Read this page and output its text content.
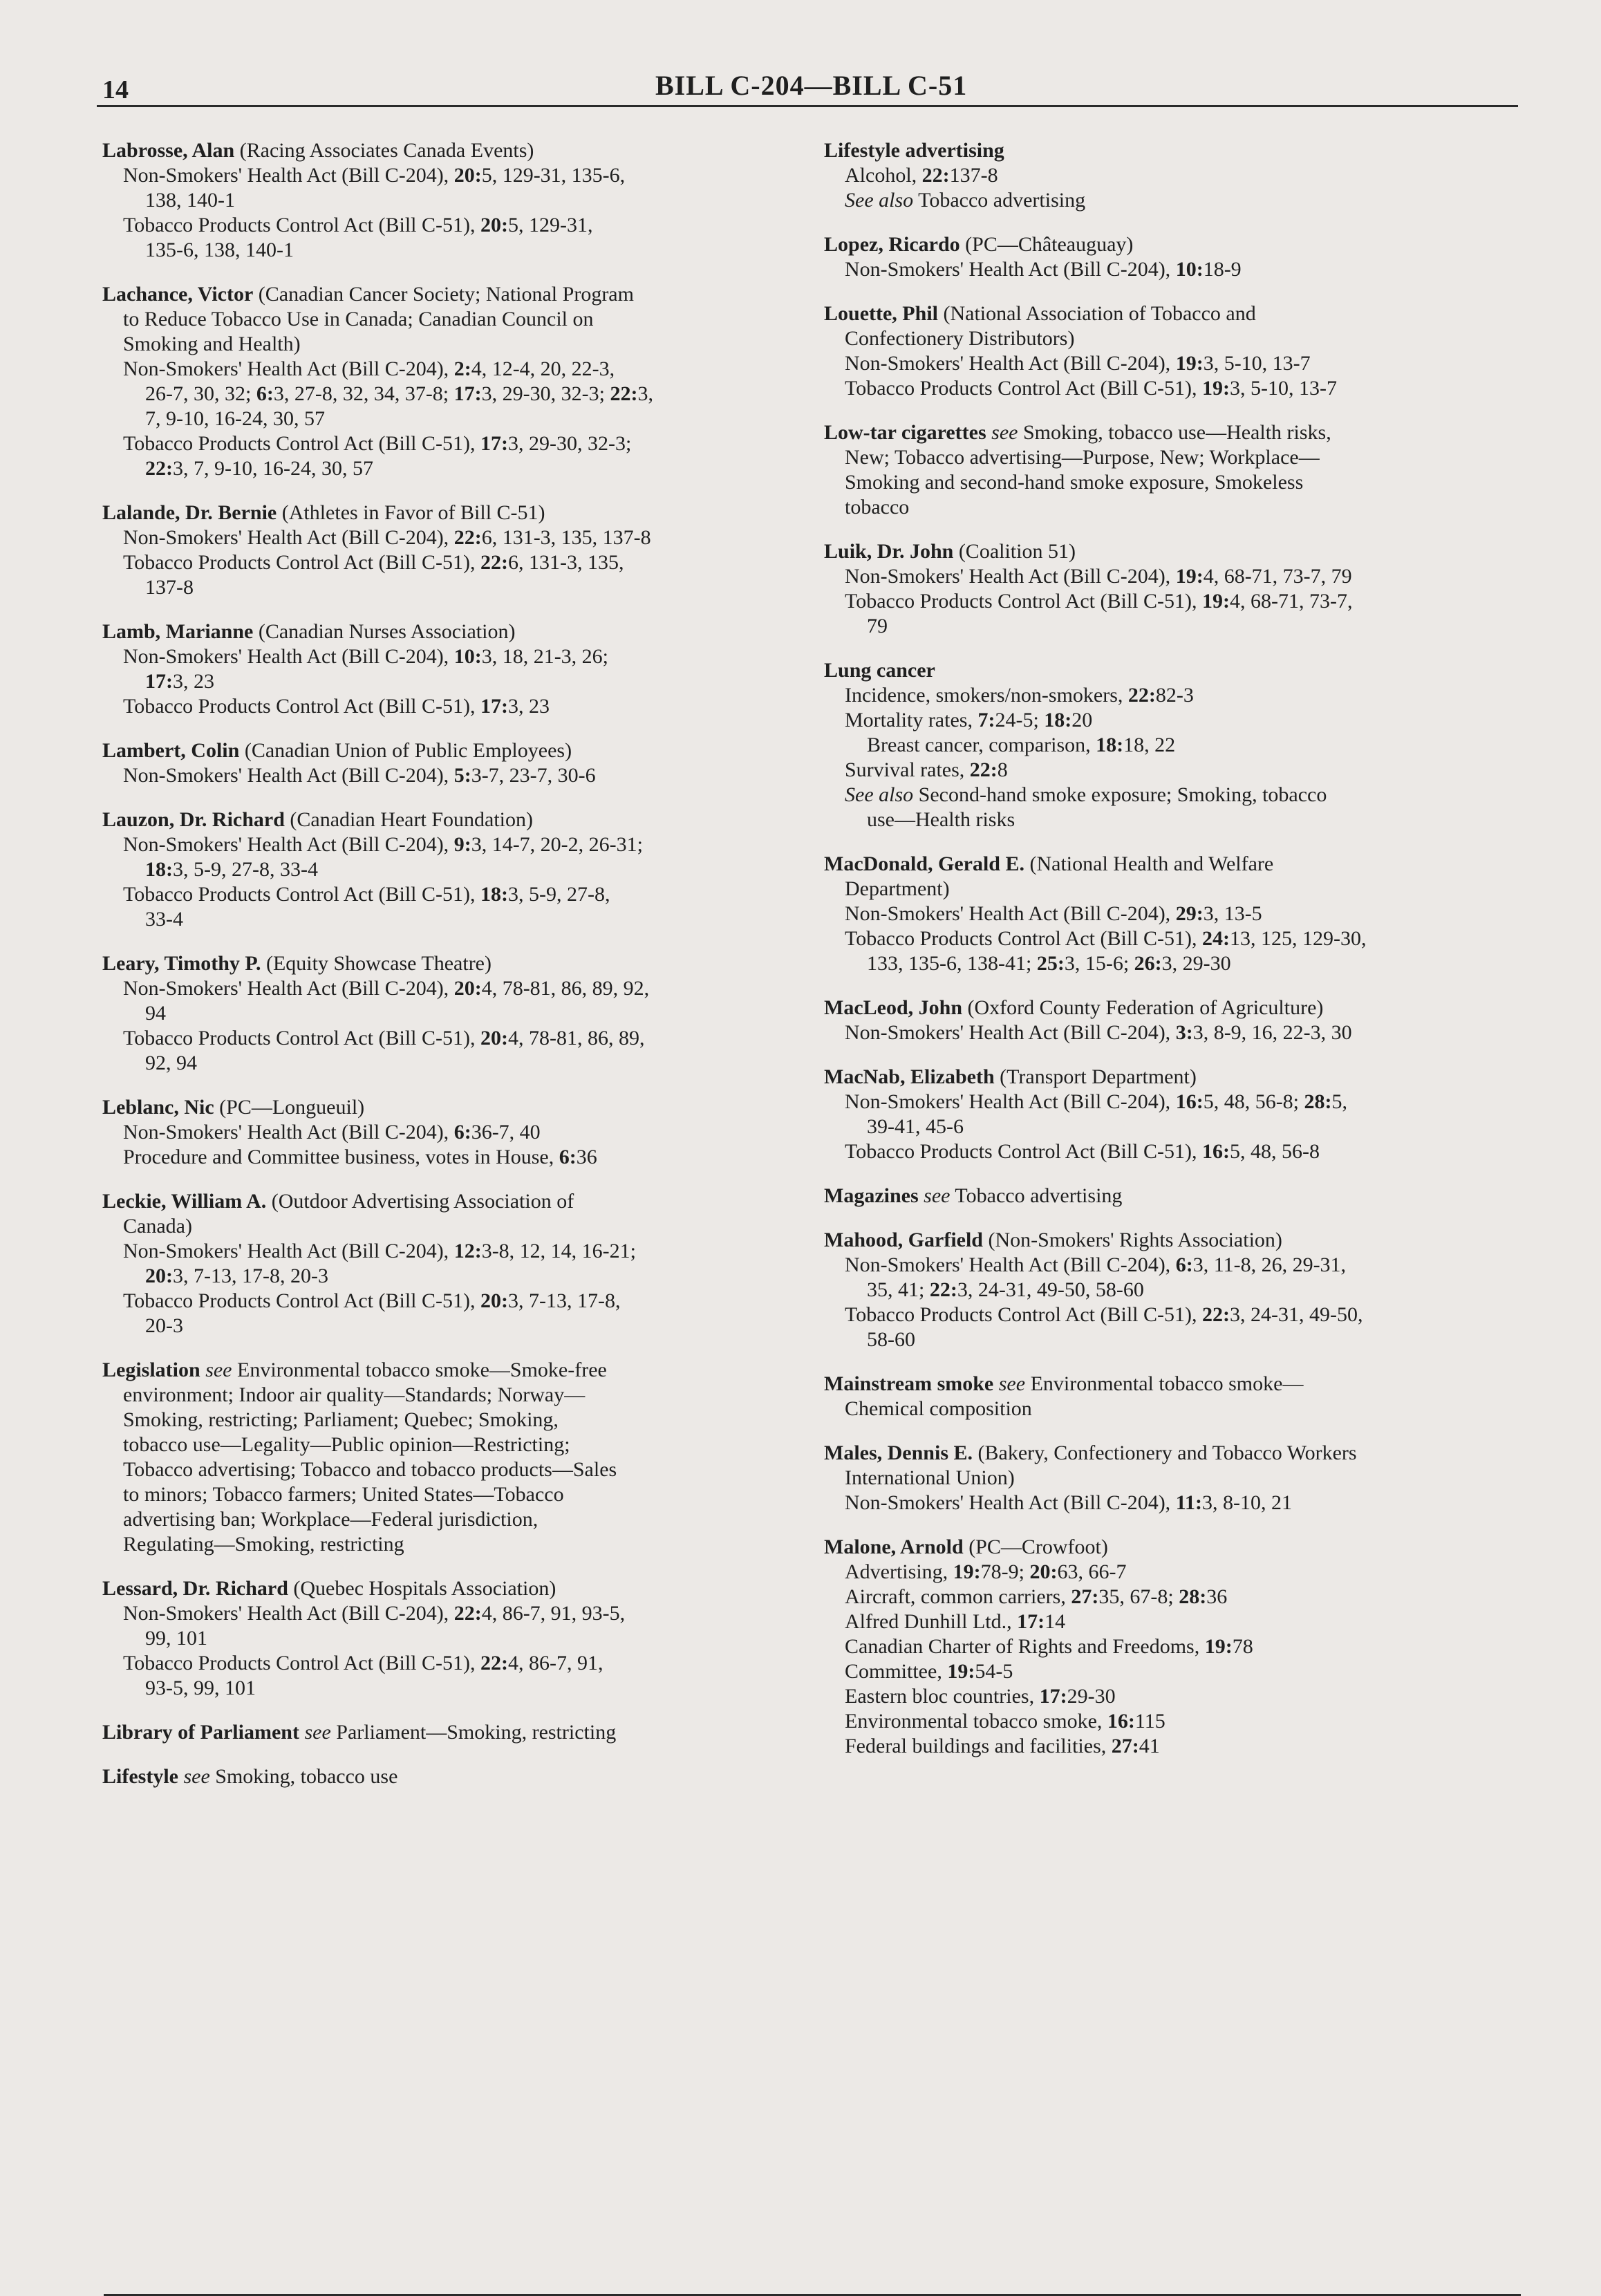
14	BILL C-204—BILL C-51
Labrosse, Alan (Racing Associates Canada Events)
Non-Smokers' Health Act (Bill C-204), 20:5, 129-31, 135-6,
138, 140-1
Tobacco Products Control Act (Bill C-51), 20:5, 129-31,
135-6, 138, 140-1
Lachance, Victor (Canadian Cancer Society; National Program
to Reduce Tobacco Use in Canada; Canadian Council on
Smoking and Health)
Non-Smokers' Health Act (Bill C-204), 2:4, 12-4, 20, 22-3,
26-7, 30, 32; 6:3, 27-8, 32, 34, 37-8; 17:3, 29-30, 32-3; 22:3,
7, 9-10, 16-24, 30, 57
Tobacco Products Control Act (Bill C-51), 17:3, 29-30, 32-3;
22:3, 7, 9-10, 16-24, 30, 57
Lalande, Dr. Bernie (Athletes in Favor of Bill C-51)
Non-Smokers' Health Act (Bill C-204), 22:6, 131-3, 135, 137-8
Tobacco Products Control Act (Bill C-51), 22:6, 131-3, 135,
137-8
Lamb, Marianne (Canadian Nurses Association)
Non-Smokers' Health Act (Bill C-204), 10:3, 18, 21-3, 26;
17:3, 23
Tobacco Products Control Act (Bill C-51), 17:3, 23
Lambert, Colin (Canadian Union of Public Employees)
Non-Smokers' Health Act (Bill C-204), 5:3-7, 23-7, 30-6
Lauzon, Dr. Richard (Canadian Heart Foundation)
Non-Smokers' Health Act (Bill C-204), 9:3, 14-7, 20-2, 26-31;
18:3, 5-9, 27-8, 33-4
Tobacco Products Control Act (Bill C-51), 18:3, 5-9, 27-8,
33-4
Leary, Timothy P. (Equity Showcase Theatre)
Non-Smokers' Health Act (Bill C-204), 20:4, 78-81, 86, 89, 92,
94
Tobacco Products Control Act (Bill C-51), 20:4, 78-81, 86, 89,
92, 94
Leblanc, Nic (PC—Longueuil)
Non-Smokers' Health Act (Bill C-204), 6:36-7, 40
Procedure and Committee business, votes in House, 6:36
Leckie, William A. (Outdoor Advertising Association of
Canada)
Non-Smokers' Health Act (Bill C-204), 12:3-8, 12, 14, 16-21;
20:3, 7-13, 17-8, 20-3
Tobacco Products Control Act (Bill C-51), 20:3, 7-13, 17-8,
20-3
Legislation see Environmental tobacco smoke—Smoke-free
environment; Indoor air quality—Standards; Norway—
Smoking, restricting; Parliament; Quebec; Smoking,
tobacco use—Legality—Public opinion—Restricting;
Tobacco advertising; Tobacco and tobacco products—Sales
to minors; Tobacco farmers; United States—Tobacco
advertising ban; Workplace—Federal jurisdiction,
Regulating—Smoking, restricting
Lessard, Dr. Richard (Quebec Hospitals Association)
Non-Smokers' Health Act (Bill C-204), 22:4, 86-7, 91, 93-5,
99, 101
Tobacco Products Control Act (Bill C-51), 22:4, 86-7, 91,
93-5, 99, 101
Library of Parliament see Parliament—Smoking, restricting
Lifestyle see Smoking, tobacco use
Lifestyle advertising
Alcohol, 22:137-8
See also Tobacco advertising
Lopez, Ricardo (PC—Châteauguay)
Non-Smokers' Health Act (Bill C-204), 10:18-9
Louette, Phil (National Association of Tobacco and
Confectionery Distributors)
Non-Smokers' Health Act (Bill C-204), 19:3, 5-10, 13-7
Tobacco Products Control Act (Bill C-51), 19:3, 5-10, 13-7
Low-tar cigarettes see Smoking, tobacco use—Health risks,
New; Tobacco advertising—Purpose, New; Workplace—
Smoking and second-hand smoke exposure, Smokeless
tobacco
Luik, Dr. John (Coalition 51)
Non-Smokers' Health Act (Bill C-204), 19:4, 68-71, 73-7, 79
Tobacco Products Control Act (Bill C-51), 19:4, 68-71, 73-7,
79
Lung cancer
Incidence, smokers/non-smokers, 22:82-3
Mortality rates, 7:24-5; 18:20
Breast cancer, comparison, 18:18, 22
Survival rates, 22:8
See also Second-hand smoke exposure; Smoking, tobacco
use—Health risks
MacDonald, Gerald E. (National Health and Welfare
Department)
Non-Smokers' Health Act (Bill C-204), 29:3, 13-5
Tobacco Products Control Act (Bill C-51), 24:13, 125, 129-30,
133, 135-6, 138-41; 25:3, 15-6; 26:3, 29-30
MacLeod, John (Oxford County Federation of Agriculture)
Non-Smokers' Health Act (Bill C-204), 3:3, 8-9, 16, 22-3, 30
MacNab, Elizabeth (Transport Department)
Non-Smokers' Health Act (Bill C-204), 16:5, 48, 56-8; 28:5,
39-41, 45-6
Tobacco Products Control Act (Bill C-51), 16:5, 48, 56-8
Magazines see Tobacco advertising
Mahood, Garfield (Non-Smokers' Rights Association)
Non-Smokers' Health Act (Bill C-204), 6:3, 11-8, 26, 29-31,
35, 41; 22:3, 24-31, 49-50, 58-60
Tobacco Products Control Act (Bill C-51), 22:3, 24-31, 49-50,
58-60
Mainstream smoke see Environmental tobacco smoke—
Chemical composition
Males, Dennis E. (Bakery, Confectionery and Tobacco Workers
International Union)
Non-Smokers' Health Act (Bill C-204), 11:3, 8-10, 21
Malone, Arnold (PC—Crowfoot)
Advertising, 19:78-9; 20:63, 66-7
Aircraft, common carriers, 27:35, 67-8; 28:36
Alfred Dunhill Ltd., 17:14
Canadian Charter of Rights and Freedoms, 19:78
Committee, 19:54-5
Eastern bloc countries, 17:29-30
Environmental tobacco smoke, 16:115
Federal buildings and facilities, 27:41
